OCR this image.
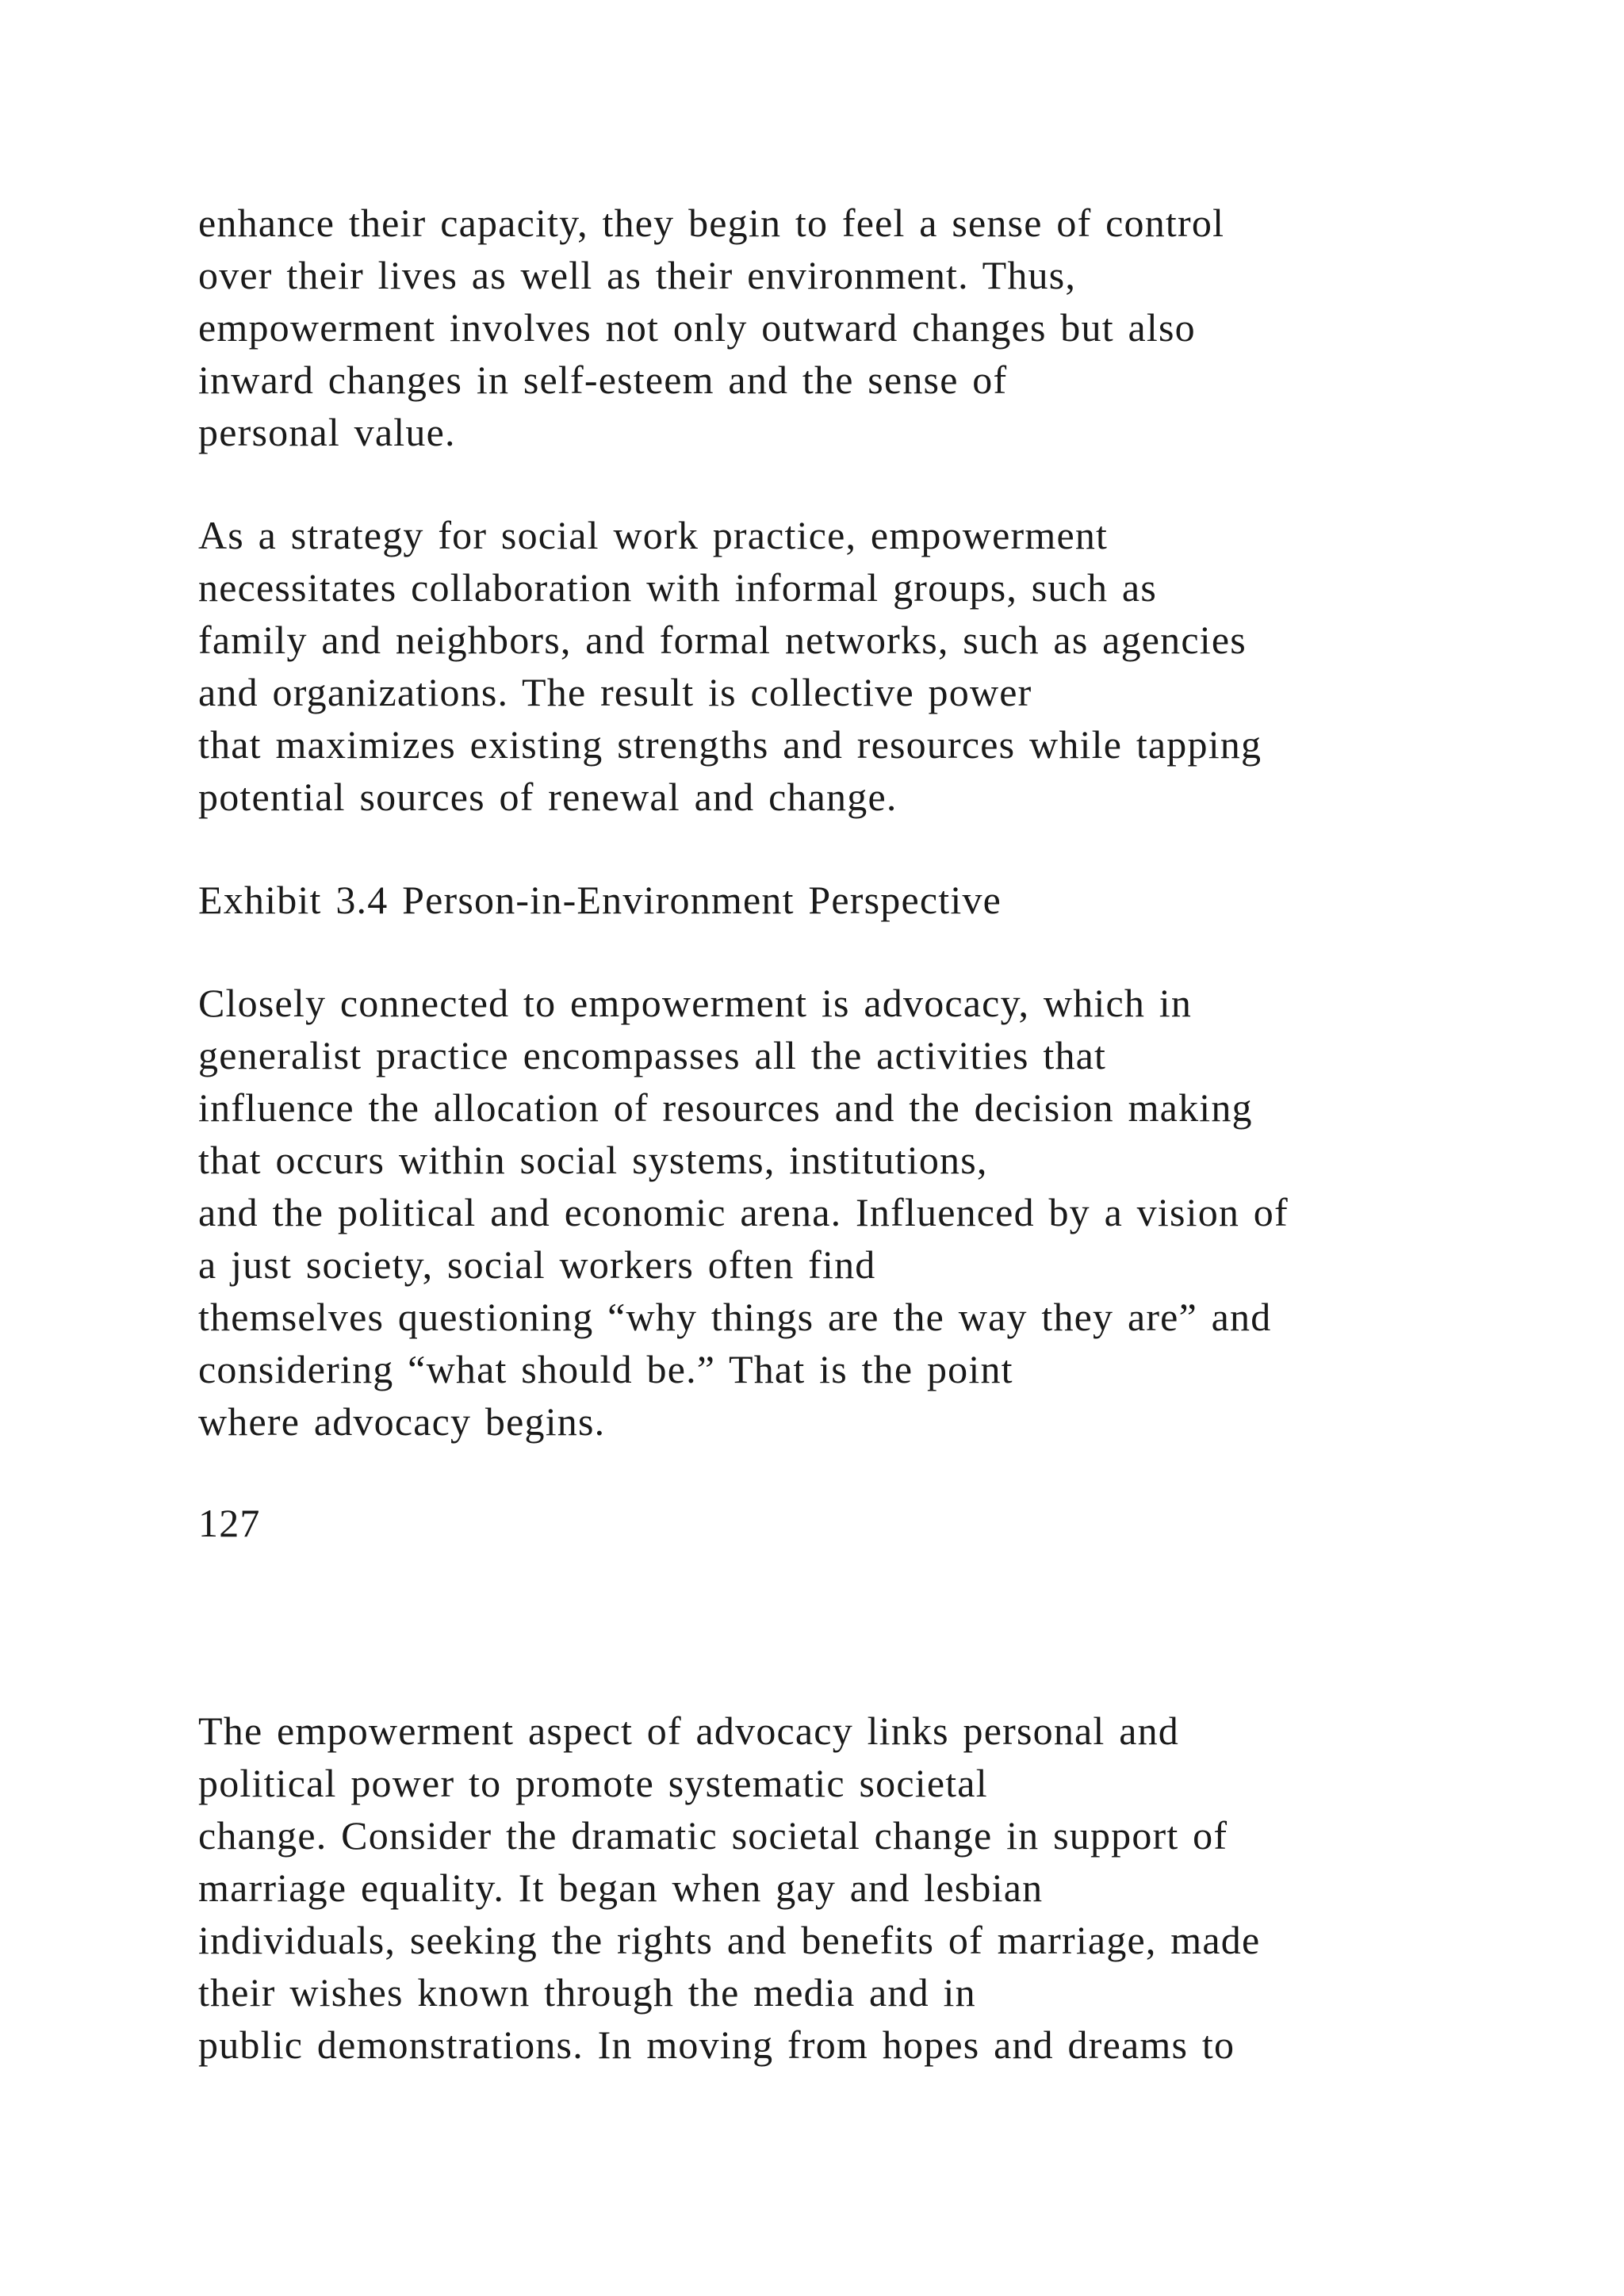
enhance their capacity, they begin to feel a sense of control
over their lives as well as their environment. Thus,
empowerment involves not only outward changes but also
inward changes in self-esteem and the sense of
personal value.

As a strategy for social work practice, empowerment
necessitates collaboration with informal groups, such as
family and neighbors, and formal networks, such as agencies
and organizations. The result is collective power
that maximizes existing strengths and resources while tapping
potential sources of renewal and change.

Exhibit 3.4 Person-in-Environment Perspective

Closely connected to empowerment is advocacy, which in
generalist practice encompasses all the activities that
influence the allocation of resources and the decision making
that occurs within social systems, institutions,
and the political and economic arena. Influenced by a vision of
a just society, social workers often find
themselves questioning “why things are the way they are” and
considering “what should be.” That is the point
where advocacy begins.

127

The empowerment aspect of advocacy links personal and
political power to promote systematic societal
change. Consider the dramatic societal change in support of
marriage equality. It began when gay and lesbian
individuals, seeking the rights and benefits of marriage, made
their wishes known through the media and in
public demonstrations. In moving from hopes and dreams to
